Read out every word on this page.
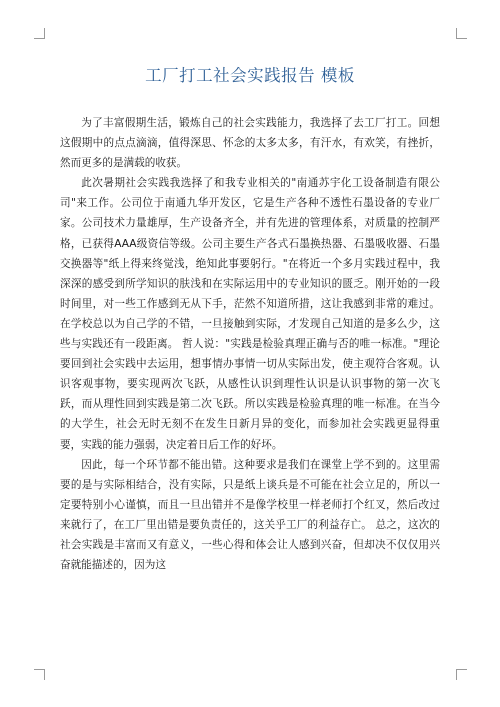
工厂打工社会实践报告 模板

为了丰富假期生活，锻炼自己的社会实践能力，我选择了去工厂打工。回想这假期中的点点滴滴，值得深思、怀念的太多太多，有汗水，有欢笑，有挫折，然而更多的是满载的收获。

此次暑期社会实践我选择了和我专业相关的"南通苏宇化工设备制造有限公司"来工作。公司位于南通九华开发区，它是生产各种不透性石墨设备的专业厂家。公司技术力量雄厚，生产设备齐全，并有先进的管理体系，对质量的控制严格，已获得AAA级资信等级。公司主要生产各式石墨换热器、石墨吸收器、石墨交换器等"纸上得来终觉浅，绝知此事要躬行。"在将近一个多月实践过程中，我深深的感受到所学知识的肤浅和在实际运用中的专业知识的匮乏。刚开始的一段时间里，对一些工作感到无从下手，茫然不知道所措，这让我感到非常的难过。在学校总以为自己学的不错，一旦接触到实际，才发现自己知道的是多么少，这些与实践还有一段距离。 哲人说："实践是检验真理正确与否的唯一标准。"理论要回到社会实践中去运用，想事情办事情一切从实际出发，使主观符合客观。认识客观事物，要实现两次飞跃，从感性认识到理性认识是认识事物的第一次飞跃，而从理性回到实践是第二次飞跃。所以实践是检验真理的唯一标准。在当今的大学生，社会无时无刻不在发生日新月异的变化，而参加社会实践更显得重要，实践的能力强弱，决定着日后工作的好坏。

因此，每一个环节都不能出错。这种要求是我们在课堂上学不到的。这里需要的是与实际相结合，没有实际，只是纸上谈兵是不可能在社会立足的，所以一定要特别小心谨慎，而且一旦出错并不是像学校里一样老师打个红叉，然后改过来就行了，在工厂里出错是要负责任的，这关乎工厂的利益存亡。 总之，这次的社会实践是丰富而又有意义，一些心得和体会让人感到兴奋，但却决不仅仅用兴奋就能描述的，因为这
